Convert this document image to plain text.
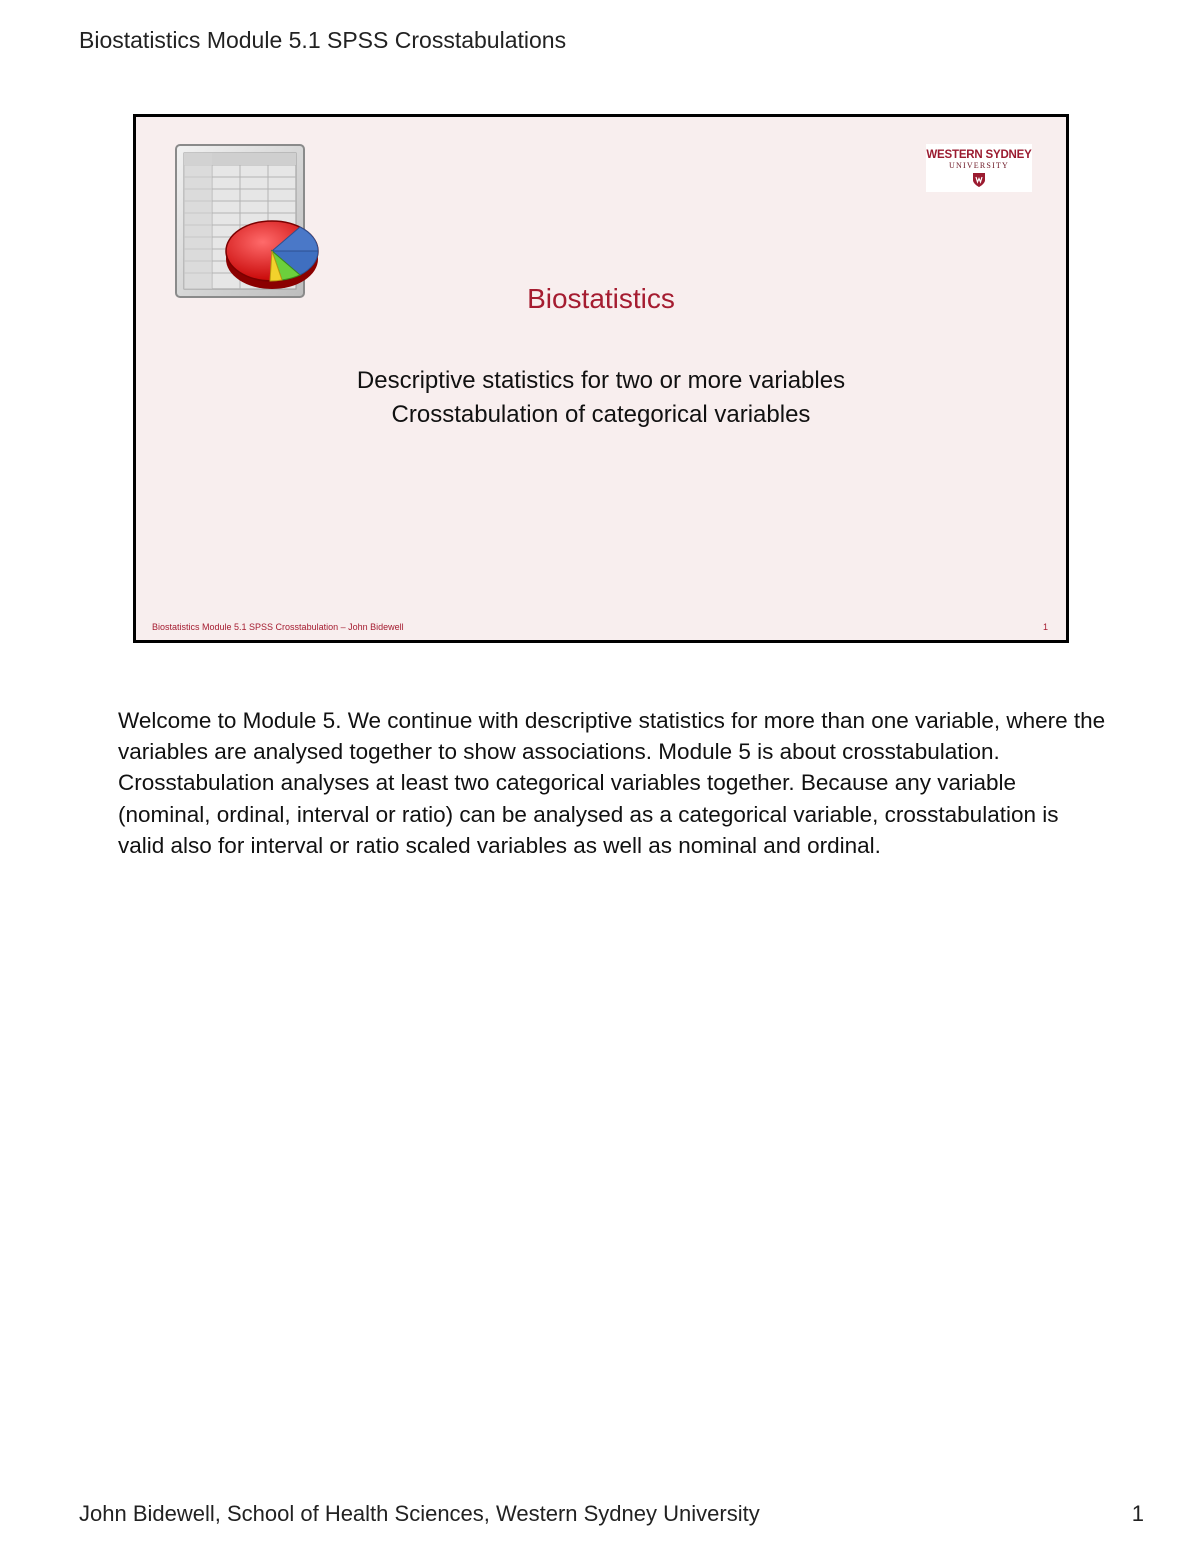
Biostatistics Module 5.1 SPSS Crosstabulations
WESTERN SYDNEY
UNIVERSITY
Biostatistics
Descriptive statistics for two or more variables
Crosstabulation of categorical variables
Biostatistics Module 5.1 SPSS Crosstabulation – John Bidewell	1
Welcome to Module 5. We continue with descriptive statistics for more than one variable, where the variables are analysed together to show associations. Module 5 is about crosstabulation. Crosstabulation analyses at least two categorical variables together. Because any variable (nominal, ordinal, interval or ratio) can be analysed as a categorical variable, crosstabulation is valid also for interval or ratio scaled variables as well as nominal and ordinal.
John Bidewell, School of Health Sciences, Western Sydney University	1
